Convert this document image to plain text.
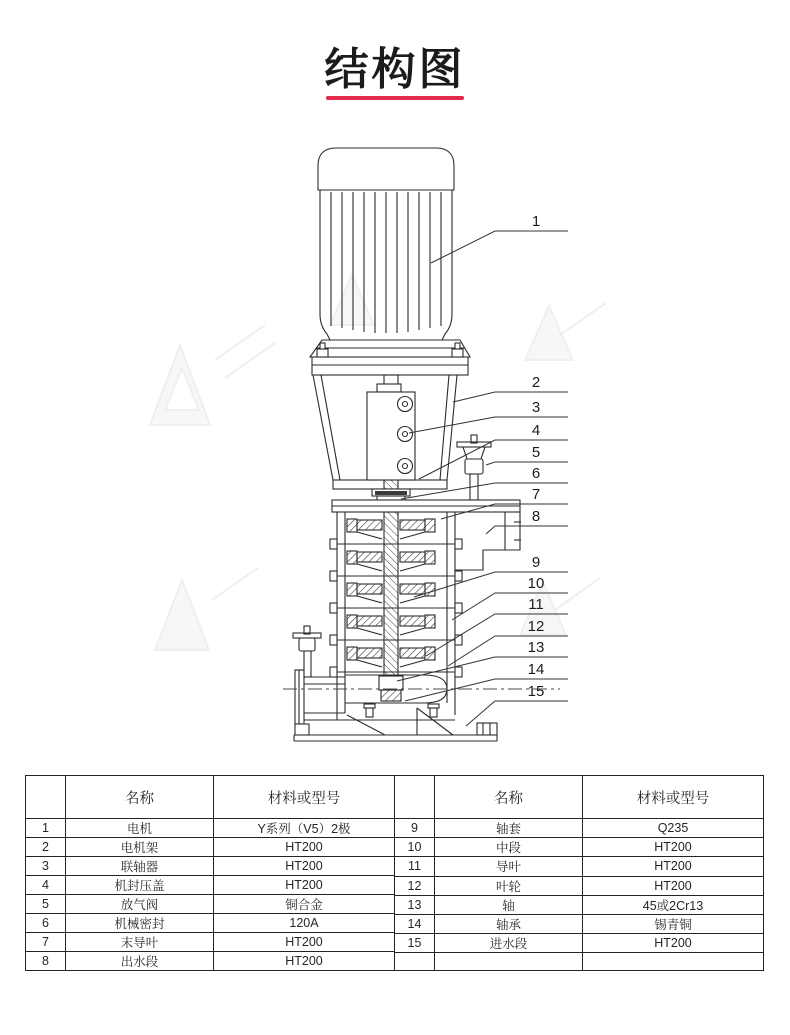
结构图
1
2
3
4
5
6
7
8
9
10
11
12
13
14
15
	名称	材料或型号
1	电机	Y系列（V5）2极
2	电机架	HT200
3	联轴器	HT200
4	机封压盖	HT200
5	放气阀	铜合金
6	机械密封	120A
7	末导叶	HT200
8	出水段	HT200
	名称	材料或型号
9	轴套	Q235
10	中段	HT200
11	导叶	HT200
12	叶轮	HT200
13	轴	45或2Cr13
14	轴承	锡青铜
15	进水段	HT200
